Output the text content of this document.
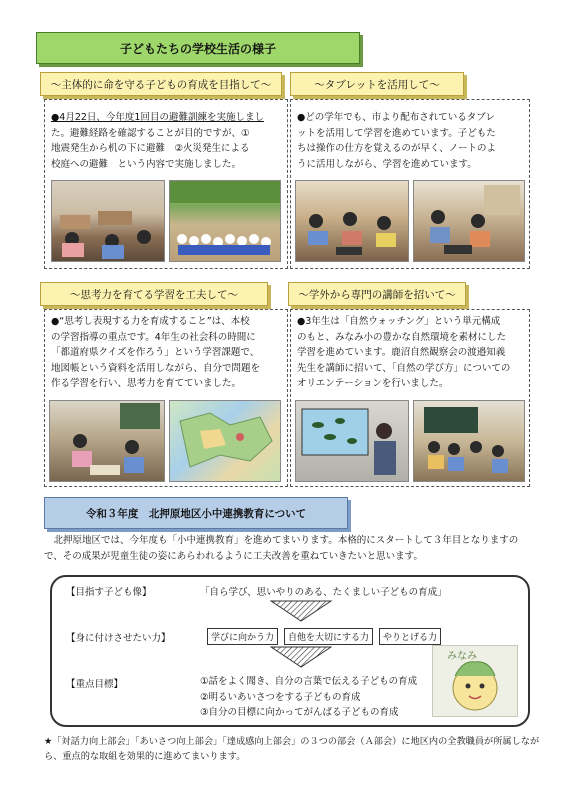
子どもたちの学校生活の様子
〜主体的に命を守る子どもの育成を目指して〜

●4月22日、今年度1回目の避難訓練を実施しまし
た。避難経路を確認することが目的ですが、①
地震発生から机の下に避難　②火災発生による
校庭への避難　という内容で実施しました。

〜タブレットを活用して〜

●どの学年でも、市より配布されているタブレ
ットを活用して学習を進めています。子どもた
ちは操作の仕方を覚えるのが早く、ノートのよ
うに活用しながら、学習を進めています。

〜思考力を育てる学習を工夫して〜

●“思考し表現する力を育成すること”は、本校
の学習指導の重点です。4年生の社会科の時間に
「都道府県クイズを作ろう」という学習課題で、
地図帳という資料を活用しながら、自分で問題を
作る学習を行い、思考力を育てていました。

〜学外から専門の講師を招いて〜

●3年生は「自然ウォッチング」という単元構成
のもと、みなみ小の豊かな自然環境を素材にした
学習を進めています。鹿沼自然観察会の渡邉知義
先生を講師に招いて、「自然の学び方」についての
オリエンテーションを行いました。

令和３年度　北押原地区小中連携教育について

北押原地区では、今年度も「小中連携教育」を進めてまいります。本格的にスタートして３年目となりますので、その成果が児童生徒の姿にあらわれるように工夫改善を重ねていきたいと思います。

【目指す子ども像】	「自ら学び、思いやりのある、たくましい子どもの育成」
【身に付けさせたい力】	学びに向かう力	自他を大切にする力	やりとげる力
【重点目標】	①話をよく聞き、自分の言葉で伝える子どもの育成
②明るいあいさつをする子どもの育成
③自分の目標に向かってがんばる子どもの育成
みなみ

★「対話力向上部会」「あいさつ向上部会」「達成感向上部会」の３つの部会（Ａ部会）に地区内の全教職員が所属しながら、重点的な取組を効果的に進めてまいります。
